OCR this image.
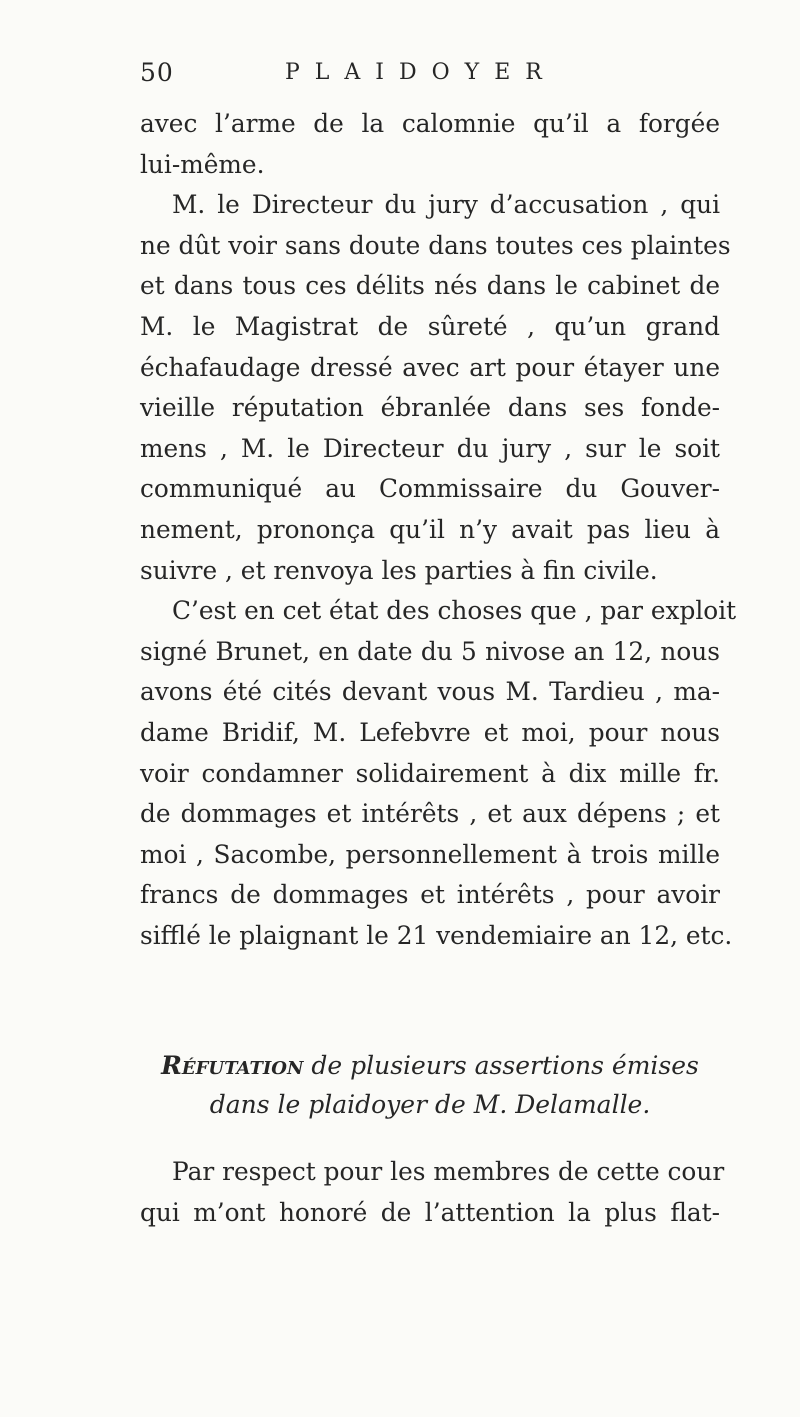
50	PLAIDOYER
avec l’arme de la calomnie qu’il a forgée
lui-même.
M. le Directeur du jury d’accusation , qui
ne dût voir sans doute dans toutes ces plaintes
et dans tous ces délits nés dans le cabinet de
M. le Magistrat de sûreté , qu’un grand
échafaudage dressé avec art pour étayer une
vieille réputation ébranlée dans ses fonde-
mens , M. le Directeur du jury , sur le soit
communiqué au Commissaire du Gouver-
nement, prononça qu’il n’y avait pas lieu à
suivre , et renvoya les parties à fin civile.
C’est en cet état des choses que , par exploit
signé Brunet, en date du 5 nivose an 12, nous
avons été cités devant vous M. Tardieu , ma-
dame Bridif, M. Lefebvre et moi, pour nous
voir condamner solidairement à dix mille fr.
de dommages et intérêts , et aux dépens ; et
moi , Sacombe, personnellement à trois mille
francs de dommages et intérêts , pour avoir
sifflé le plaignant le 21 vendemiaire an 12, etc.
Réfutation de plusieurs assertions émises
dans le plaidoyer de M. Delamalle.
Par respect pour les membres de cette cour
qui m’ont honoré de l’attention la plus flat-
